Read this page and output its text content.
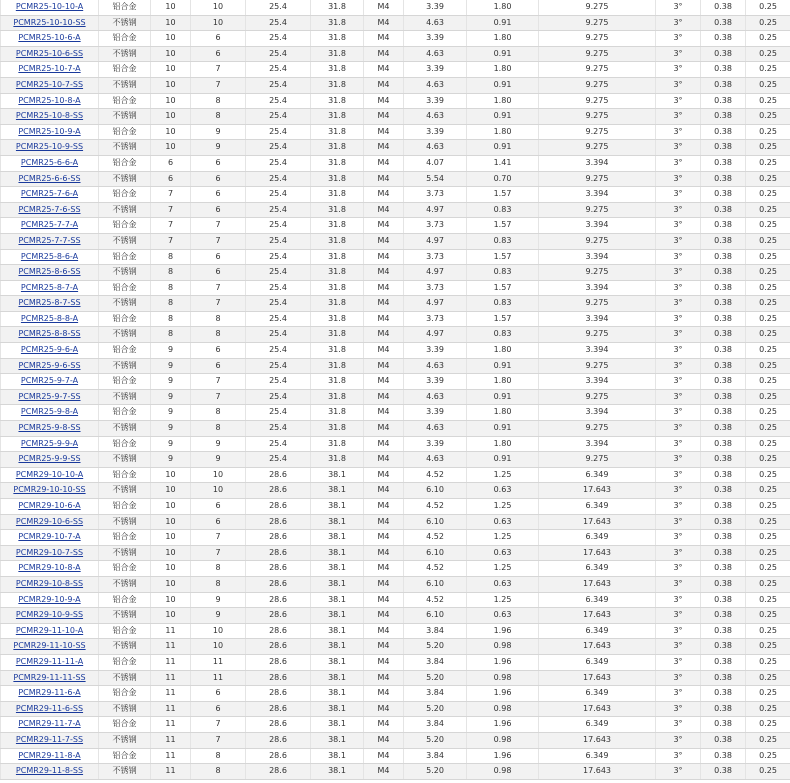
PCMR25-10-10-A	铝合金	10	10	25.4	31.8	M4	3.39	1.80	9.275	3°	0.38	0.25
PCMR25-10-10-SS	不锈钢	10	10	25.4	31.8	M4	4.63	0.91	9.275	3°	0.38	0.25
PCMR25-10-6-A	铝合金	10	6	25.4	31.8	M4	3.39	1.80	9.275	3°	0.38	0.25
PCMR25-10-6-SS	不锈钢	10	6	25.4	31.8	M4	4.63	0.91	9.275	3°	0.38	0.25
PCMR25-10-7-A	铝合金	10	7	25.4	31.8	M4	3.39	1.80	9.275	3°	0.38	0.25
PCMR25-10-7-SS	不锈钢	10	7	25.4	31.8	M4	4.63	0.91	9.275	3°	0.38	0.25
PCMR25-10-8-A	铝合金	10	8	25.4	31.8	M4	3.39	1.80	9.275	3°	0.38	0.25
PCMR25-10-8-SS	不锈钢	10	8	25.4	31.8	M4	4.63	0.91	9.275	3°	0.38	0.25
PCMR25-10-9-A	铝合金	10	9	25.4	31.8	M4	3.39	1.80	9.275	3°	0.38	0.25
PCMR25-10-9-SS	不锈钢	10	9	25.4	31.8	M4	4.63	0.91	9.275	3°	0.38	0.25
PCMR25-6-6-A	铝合金	6	6	25.4	31.8	M4	4.07	1.41	3.394	3°	0.38	0.25
PCMR25-6-6-SS	不锈钢	6	6	25.4	31.8	M4	5.54	0.70	9.275	3°	0.38	0.25
PCMR25-7-6-A	铝合金	7	6	25.4	31.8	M4	3.73	1.57	3.394	3°	0.38	0.25
PCMR25-7-6-SS	不锈钢	7	6	25.4	31.8	M4	4.97	0.83	9.275	3°	0.38	0.25
PCMR25-7-7-A	铝合金	7	7	25.4	31.8	M4	3.73	1.57	3.394	3°	0.38	0.25
PCMR25-7-7-SS	不锈钢	7	7	25.4	31.8	M4	4.97	0.83	9.275	3°	0.38	0.25
PCMR25-8-6-A	铝合金	8	6	25.4	31.8	M4	3.73	1.57	3.394	3°	0.38	0.25
PCMR25-8-6-SS	不锈钢	8	6	25.4	31.8	M4	4.97	0.83	9.275	3°	0.38	0.25
PCMR25-8-7-A	铝合金	8	7	25.4	31.8	M4	3.73	1.57	3.394	3°	0.38	0.25
PCMR25-8-7-SS	不锈钢	8	7	25.4	31.8	M4	4.97	0.83	9.275	3°	0.38	0.25
PCMR25-8-8-A	铝合金	8	8	25.4	31.8	M4	3.73	1.57	3.394	3°	0.38	0.25
PCMR25-8-8-SS	不锈钢	8	8	25.4	31.8	M4	4.97	0.83	9.275	3°	0.38	0.25
PCMR25-9-6-A	铝合金	9	6	25.4	31.8	M4	3.39	1.80	3.394	3°	0.38	0.25
PCMR25-9-6-SS	不锈钢	9	6	25.4	31.8	M4	4.63	0.91	9.275	3°	0.38	0.25
PCMR25-9-7-A	铝合金	9	7	25.4	31.8	M4	3.39	1.80	3.394	3°	0.38	0.25
PCMR25-9-7-SS	不锈钢	9	7	25.4	31.8	M4	4.63	0.91	9.275	3°	0.38	0.25
PCMR25-9-8-A	铝合金	9	8	25.4	31.8	M4	3.39	1.80	3.394	3°	0.38	0.25
PCMR25-9-8-SS	不锈钢	9	8	25.4	31.8	M4	4.63	0.91	9.275	3°	0.38	0.25
PCMR25-9-9-A	铝合金	9	9	25.4	31.8	M4	3.39	1.80	3.394	3°	0.38	0.25
PCMR25-9-9-SS	不锈钢	9	9	25.4	31.8	M4	4.63	0.91	9.275	3°	0.38	0.25
PCMR29-10-10-A	铝合金	10	10	28.6	38.1	M4	4.52	1.25	6.349	3°	0.38	0.25
PCMR29-10-10-SS	不锈钢	10	10	28.6	38.1	M4	6.10	0.63	17.643	3°	0.38	0.25
PCMR29-10-6-A	铝合金	10	6	28.6	38.1	M4	4.52	1.25	6.349	3°	0.38	0.25
PCMR29-10-6-SS	不锈钢	10	6	28.6	38.1	M4	6.10	0.63	17.643	3°	0.38	0.25
PCMR29-10-7-A	铝合金	10	7	28.6	38.1	M4	4.52	1.25	6.349	3°	0.38	0.25
PCMR29-10-7-SS	不锈钢	10	7	28.6	38.1	M4	6.10	0.63	17.643	3°	0.38	0.25
PCMR29-10-8-A	铝合金	10	8	28.6	38.1	M4	4.52	1.25	6.349	3°	0.38	0.25
PCMR29-10-8-SS	不锈钢	10	8	28.6	38.1	M4	6.10	0.63	17.643	3°	0.38	0.25
PCMR29-10-9-A	铝合金	10	9	28.6	38.1	M4	4.52	1.25	6.349	3°	0.38	0.25
PCMR29-10-9-SS	不锈钢	10	9	28.6	38.1	M4	6.10	0.63	17.643	3°	0.38	0.25
PCMR29-11-10-A	铝合金	11	10	28.6	38.1	M4	3.84	1.96	6.349	3°	0.38	0.25
PCMR29-11-10-SS	不锈钢	11	10	28.6	38.1	M4	5.20	0.98	17.643	3°	0.38	0.25
PCMR29-11-11-A	铝合金	11	11	28.6	38.1	M4	3.84	1.96	6.349	3°	0.38	0.25
PCMR29-11-11-SS	不锈钢	11	11	28.6	38.1	M4	5.20	0.98	17.643	3°	0.38	0.25
PCMR29-11-6-A	铝合金	11	6	28.6	38.1	M4	3.84	1.96	6.349	3°	0.38	0.25
PCMR29-11-6-SS	不锈钢	11	6	28.6	38.1	M4	5.20	0.98	17.643	3°	0.38	0.25
PCMR29-11-7-A	铝合金	11	7	28.6	38.1	M4	3.84	1.96	6.349	3°	0.38	0.25
PCMR29-11-7-SS	不锈钢	11	7	28.6	38.1	M4	5.20	0.98	17.643	3°	0.38	0.25
PCMR29-11-8-A	铝合金	11	8	28.6	38.1	M4	3.84	1.96	6.349	3°	0.38	0.25
PCMR29-11-8-SS	不锈钢	11	8	28.6	38.1	M4	5.20	0.98	17.643	3°	0.38	0.25
